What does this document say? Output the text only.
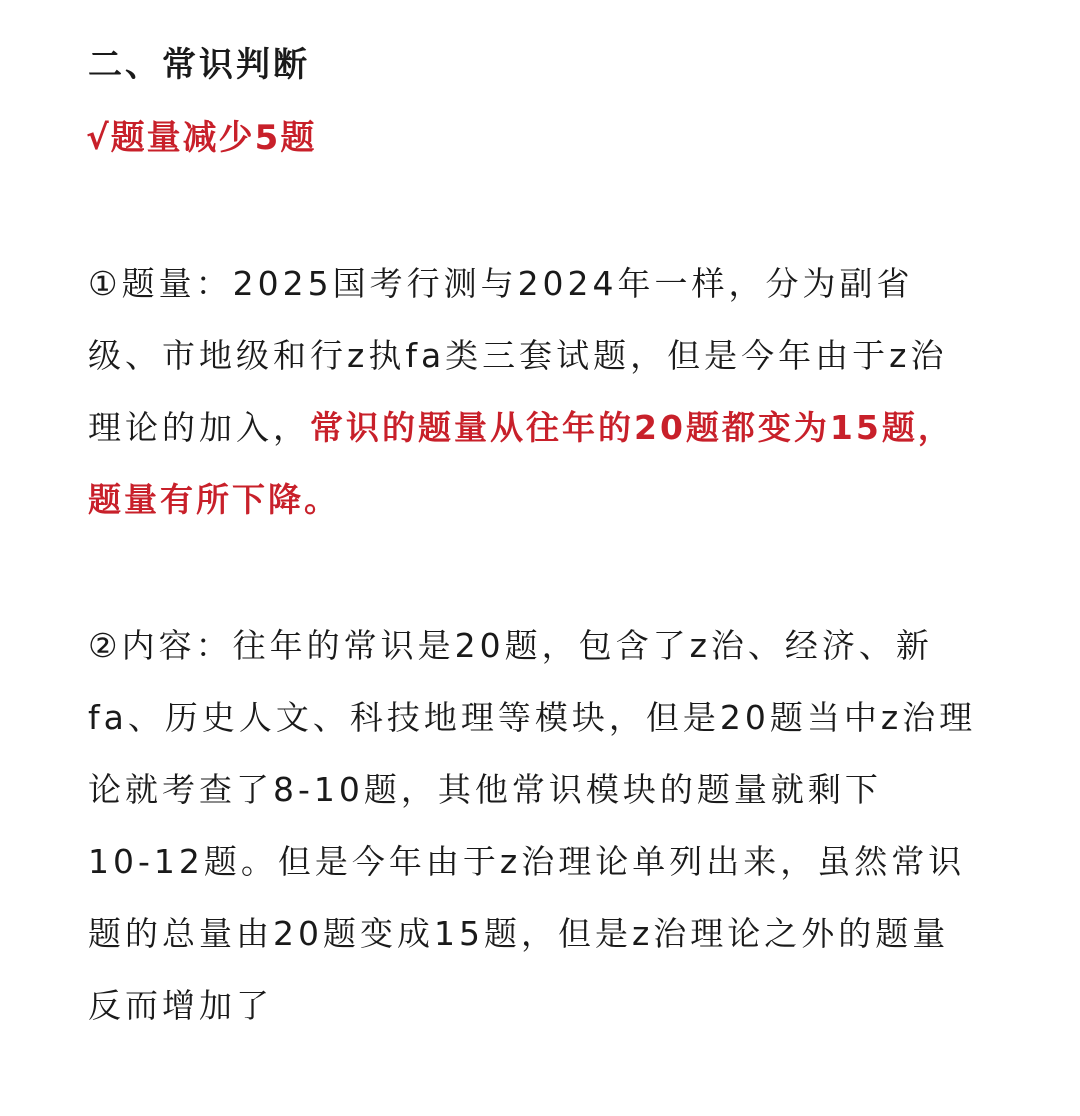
二、常识判断
√题量减少5题

①题量：2025国考行测与2024年一样，分为副省
级、市地级和行z执fa类三套试题，但是今年由于z治
理论的加入，常识的题量从往年的20题都变为15题，
题量有所下降。

②内容：往年的常识是20题，包含了z治、经济、新
fa、历史人文、科技地理等模块，但是20题当中z治理
论就考查了8-10题，其他常识模块的题量就剩下
10-12题。但是今年由于z治理论单列出来，虽然常识
题的总量由20题变成15题，但是z治理论之外的题量
反而增加了
